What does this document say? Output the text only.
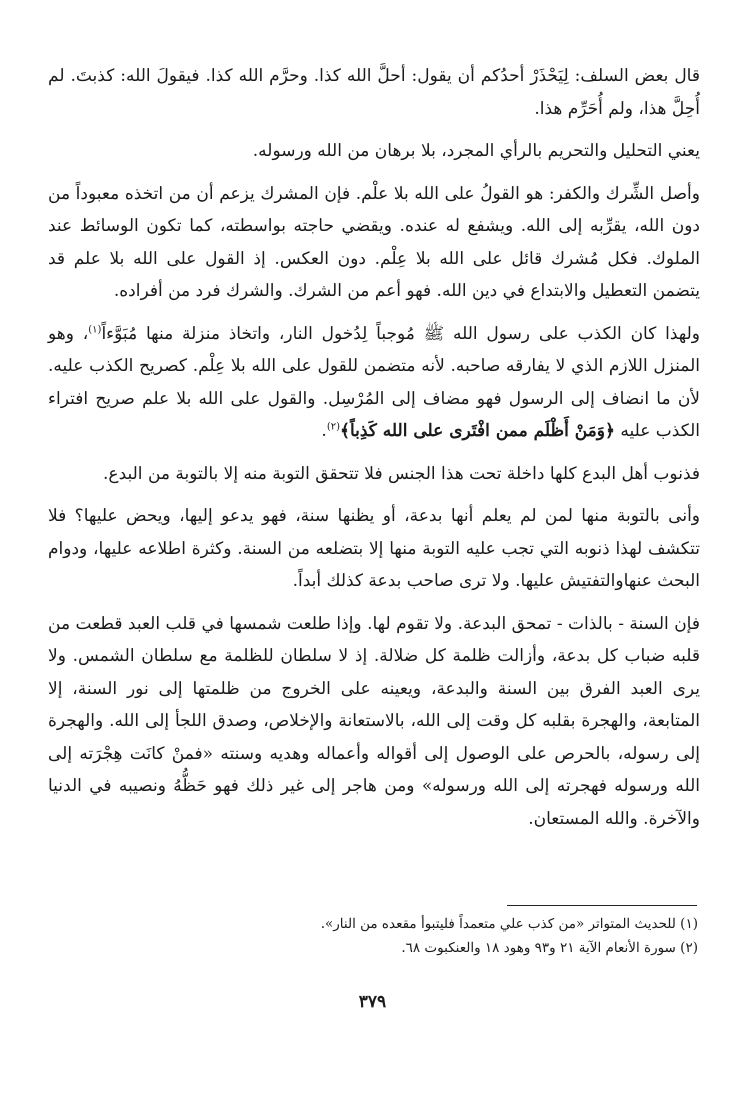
قال بعض السلف: لِيَحْذَرْ أحدُكم أن يقول: أحلَّ الله كذا. وحرَّم الله كذا. فيقولَ الله: كذبتَ. لم أُحِلَّ هذا، ولم أُحَرِّم هذا.

يعني التحليل والتحريم بالرأي المجرد، بلا برهان من الله ورسوله.

وأصل الشِّرك والكفر: هو القولُ على الله بلا علْم. فإن المشرك يزعم أن من اتخذه معبوداً من دون الله، يقرِّبه إلى الله. ويشفع له عنده. ويقضي حاجته بواسطته، كما تكون الوسائط عند الملوك. فكل مُشرك قائل على الله بلا عِلْم. دون العكس. إذ القول على الله بلا علم قد يتضمن التعطيل والابتداع في دين الله. فهو أعم من الشرك. والشرك فرد من أفراده.

ولهذا كان الكذب على رسول الله ﷺ مُوجباً لِدُخول النار، واتخاذ منزلة منها مُبَوَّءاً$^{(١)}$، وهو المنزل اللازم الذي لا يفارقه صاحبه. لأنه متضمن للقول على الله بلا عِلْم. كصريح الكذب عليه. لأن ما انضاف إلى الرسول فهو مضاف إلى المُرْسِل. والقول على الله بلا علم صريح افتراء الكذب عليه ﴿وَمَنْ أَظْلَم ممن افْتَرى على الله كَذِباً﴾$^{(٢)}$.

فذنوب أهل البدع كلها داخلة تحت هذا الجنس فلا تتحقق التوبة منه إلا بالتوبة من البدع.

وأنى بالتوبة منها لمن لم يعلم أنها بدعة، أو يظنها سنة، فهو يدعو إليها، ويحض عليها؟ فلا تتكشف لهذا ذنوبه التي تجب عليه التوبة منها إلا بتضلعه من السنة. وكثرة اطلاعه عليها، ودوام البحث عنهاوالتفتيش عليها. ولا ترى صاحب بدعة كذلك أبداً.

فإن السنة - بالذات - تمحق البدعة. ولا تقوم لها. وإذا طلعت شمسها في قلب العبد قطعت من قلبه ضباب كل بدعة، وأزالت ظلمة كل ضلالة. إذ لا سلطان للظلمة مع سلطان الشمس. ولا يرى العبد الفرق بين السنة والبدعة، ويعينه على الخروج من ظلمتها إلى نور السنة، إلا المتابعة، والهجرة بقلبه كل وقت إلى الله، بالاستعانة والإخلاص، وصدق اللجأ إلى الله. والهجرة إلى رسوله، بالحرص على الوصول إلى أقواله وأعماله وهديه وسنته «فمنْ كانَت هِجْرَته إلى الله ورسوله فهجرته إلى الله ورسوله» ومن هاجر إلى غير ذلك فهو حَظُّهُ ونصيبه في الدنيا والآخرة. والله المستعان.

(١) للحديث المتواتر «من كذب علي متعمداً فليتبوأ مقعده من النار».

(٢) سورة الأنعام الآية ٢١ و٩٣ وهود ١٨ والعنكبوت ٦٨.

٣٧٩
